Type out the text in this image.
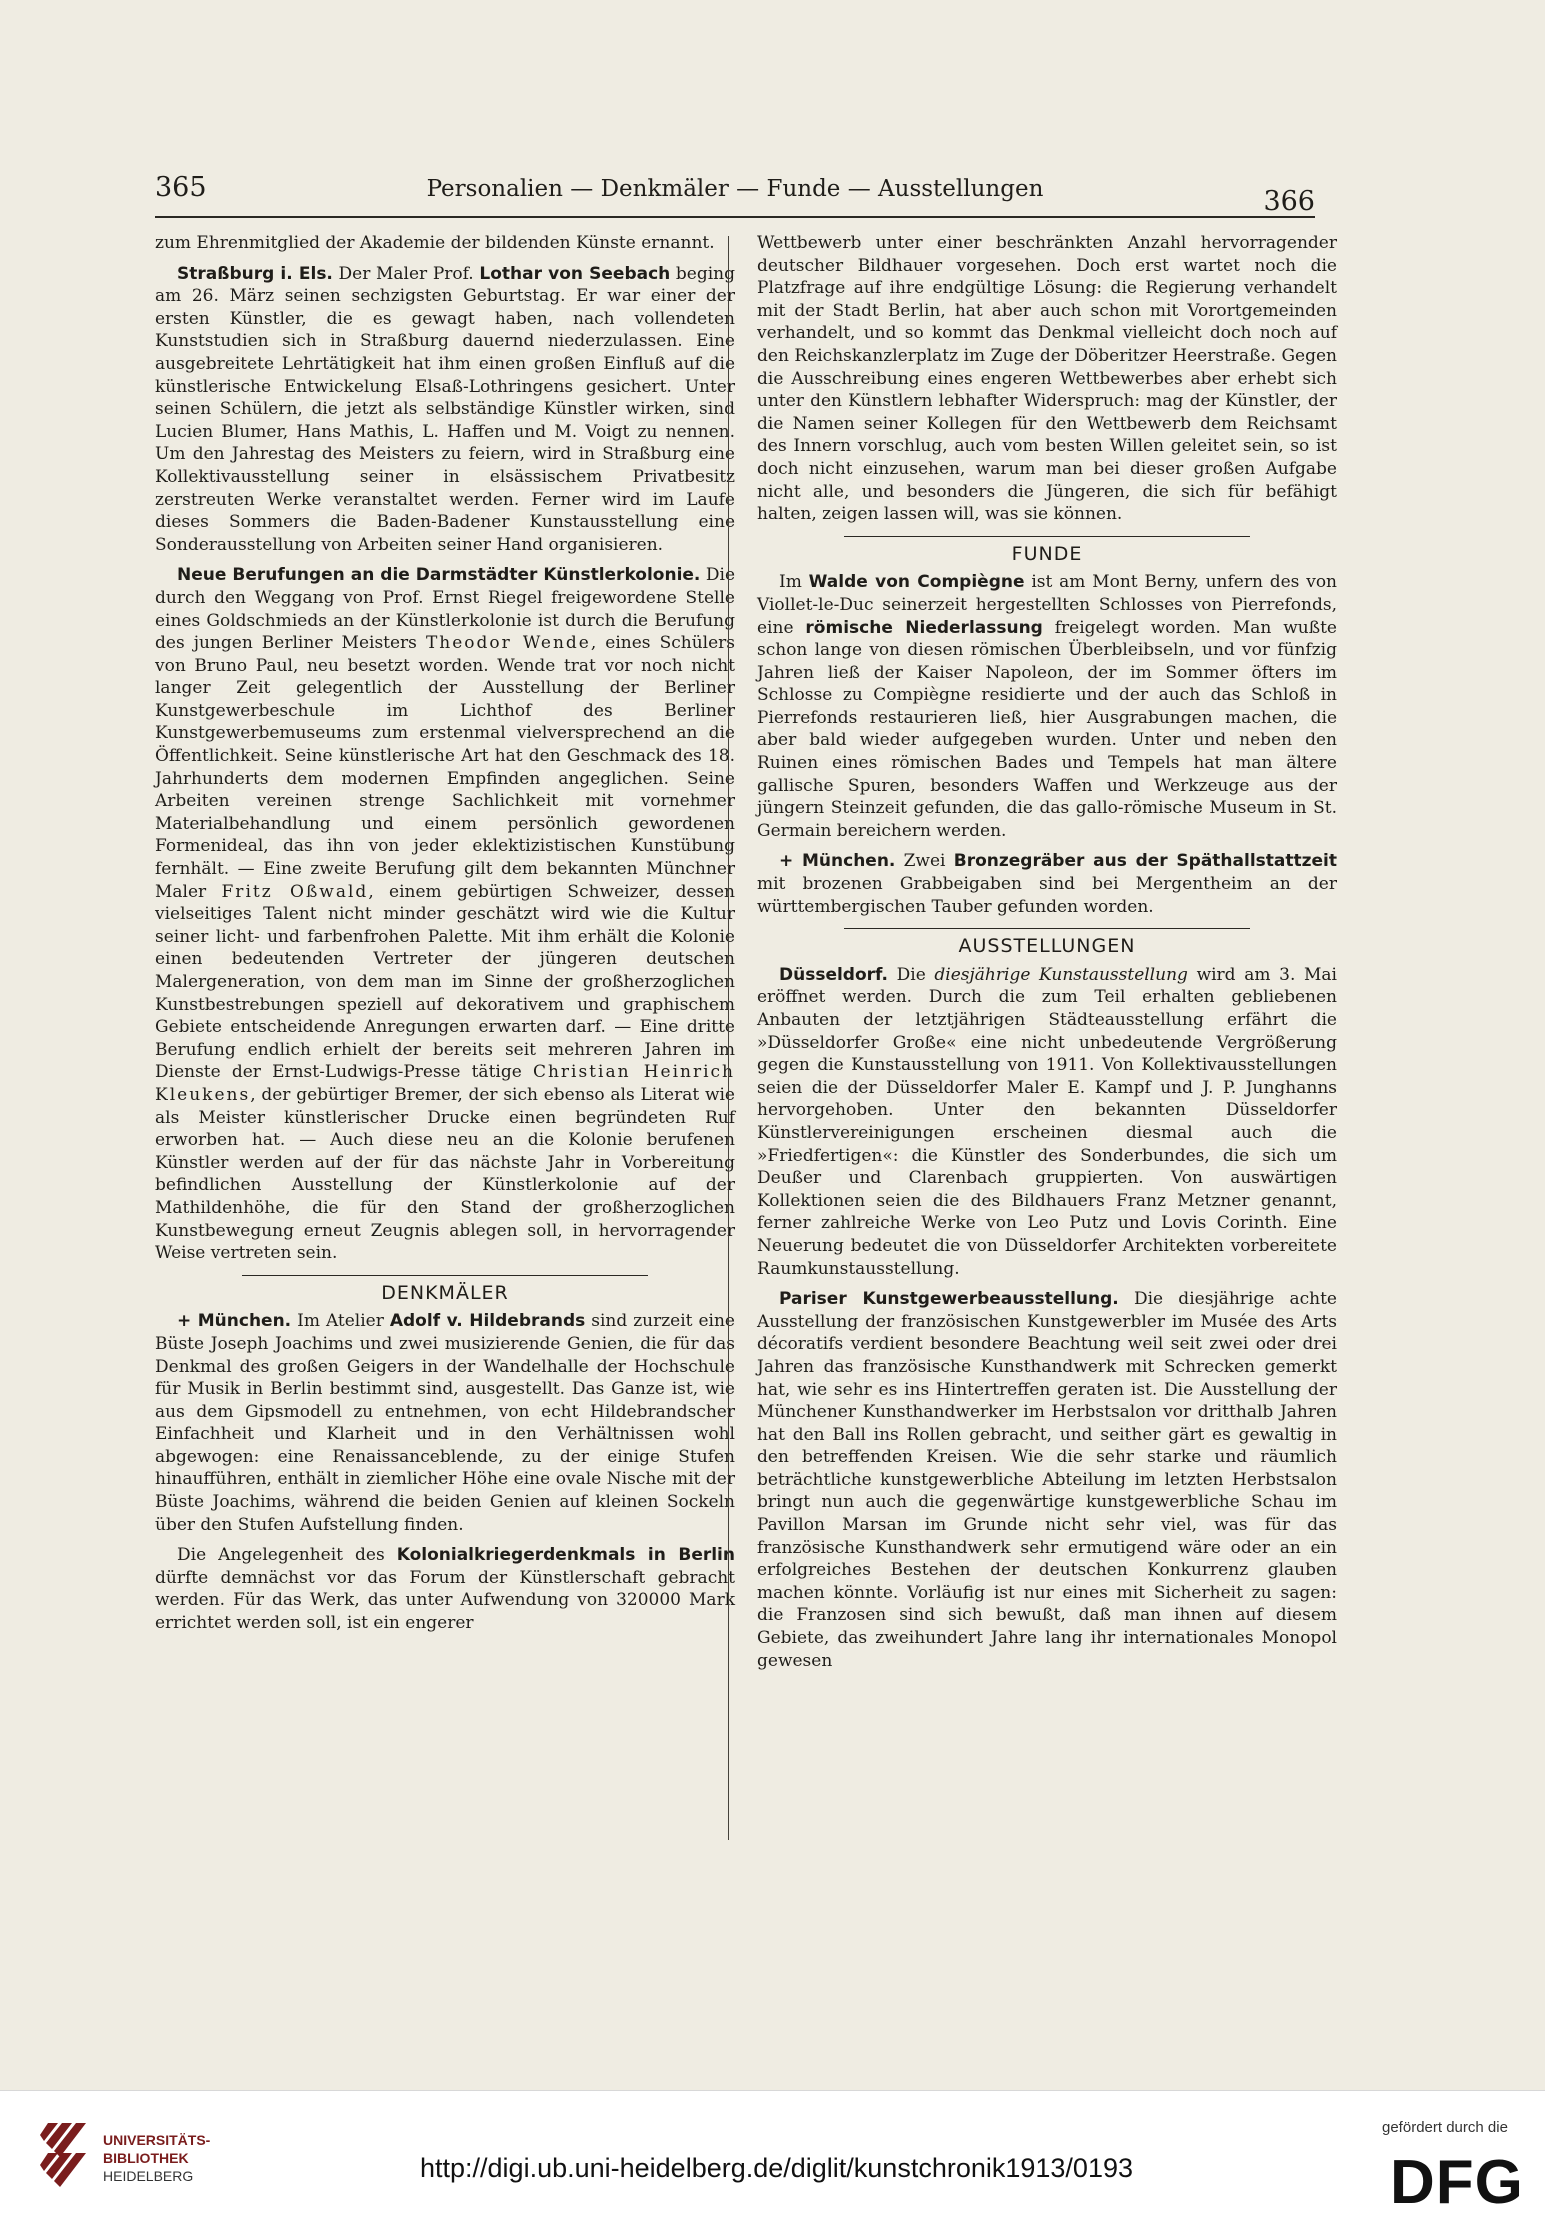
365	Personalien — Denkmäler — Funde — Ausstellungen	366

zum Ehrenmitglied der Akademie der bildenden Künste ernannt.

Straßburg i. Els. Der Maler Prof. Lothar von Seebach beging am 26. März seinen sechzigsten Geburtstag. Er war einer der ersten Künstler, die es gewagt haben, nach vollendeten Kunststudien sich in Straßburg dauernd niederzulassen. Eine ausgebreitete Lehrtätigkeit hat ihm einen großen Einfluß auf die künstlerische Entwickelung Elsaß-Lothringens gesichert. Unter seinen Schülern, die jetzt als selbständige Künstler wirken, sind Lucien Blumer, Hans Mathis, L. Haffen und M. Voigt zu nennen. Um den Jahrestag des Meisters zu feiern, wird in Straßburg eine Kollektivausstellung seiner in elsässischem Privatbesitz zerstreuten Werke veranstaltet werden. Ferner wird im Laufe dieses Sommers die Baden-Badener Kunstausstellung eine Sonderausstellung von Arbeiten seiner Hand organisieren.

Neue Berufungen an die Darmstädter Künstlerkolonie. Die durch den Weggang von Prof. Ernst Riegel freigewordene Stelle eines Goldschmieds an der Künstlerkolonie ist durch die Berufung des jungen Berliner Meisters Theodor Wende, eines Schülers von Bruno Paul, neu besetzt worden. Wende trat vor noch nicht langer Zeit gelegentlich der Ausstellung der Berliner Kunstgewerbeschule im Lichthof des Berliner Kunstgewerbemuseums zum erstenmal vielversprechend an die Öffentlichkeit. Seine künstlerische Art hat den Geschmack des 18. Jahrhunderts dem modernen Empfinden angeglichen. Seine Arbeiten vereinen strenge Sachlichkeit mit vornehmer Materialbehandlung und einem persönlich gewordenen Formenideal, das ihn von jeder eklektizistischen Kunstübung fernhält. — Eine zweite Berufung gilt dem bekannten Münchner Maler Fritz Oßwald, einem gebürtigen Schweizer, dessen vielseitiges Talent nicht minder geschätzt wird wie die Kultur seiner licht- und farbenfrohen Palette. Mit ihm erhält die Kolonie einen bedeutenden Vertreter der jüngeren deutschen Malergeneration, von dem man im Sinne der großherzoglichen Kunstbestrebungen speziell auf dekorativem und graphischem Gebiete entscheidende Anregungen erwarten darf. — Eine dritte Berufung endlich erhielt der bereits seit mehreren Jahren im Dienste der Ernst-Ludwigs-Presse tätige Christian Heinrich Kleukens, der gebürtiger Bremer, der sich ebenso als Literat wie als Meister künstlerischer Drucke einen begründeten Ruf erworben hat. — Auch diese neu an die Kolonie berufenen Künstler werden auf der für das nächste Jahr in Vorbereitung befindlichen Ausstellung der Künstlerkolonie auf der Mathildenhöhe, die für den Stand der großherzoglichen Kunstbewegung erneut Zeugnis ablegen soll, in hervorragender Weise vertreten sein.

DENKMÄLER

+ München. Im Atelier Adolf v. Hildebrands sind zurzeit eine Büste Joseph Joachims und zwei musizierende Genien, die für das Denkmal des großen Geigers in der Wandelhalle der Hochschule für Musik in Berlin bestimmt sind, ausgestellt. Das Ganze ist, wie aus dem Gipsmodell zu entnehmen, von echt Hildebrandscher Einfachheit und Klarheit und in den Verhältnissen wohl abgewogen: eine Renaissanceblende, zu der einige Stufen hinaufführen, enthält in ziemlicher Höhe eine ovale Nische mit der Büste Joachims, während die beiden Genien auf kleinen Sockeln über den Stufen Aufstellung finden.

Die Angelegenheit des Kolonialkriegerdenkmals in Berlin dürfte demnächst vor das Forum der Künstlerschaft gebracht werden. Für das Werk, das unter Aufwendung von 320000 Mark errichtet werden soll, ist ein engerer

Wettbewerb unter einer beschränkten Anzahl hervorragender deutscher Bildhauer vorgesehen. Doch erst wartet noch die Platzfrage auf ihre endgültige Lösung: die Regierung verhandelt mit der Stadt Berlin, hat aber auch schon mit Vorortgemeinden verhandelt, und so kommt das Denkmal vielleicht doch noch auf den Reichskanzlerplatz im Zuge der Döberitzer Heerstraße. Gegen die Ausschreibung eines engeren Wettbewerbes aber erhebt sich unter den Künstlern lebhafter Widerspruch: mag der Künstler, der die Namen seiner Kollegen für den Wettbewerb dem Reichsamt des Innern vorschlug, auch vom besten Willen geleitet sein, so ist doch nicht einzusehen, warum man bei dieser großen Aufgabe nicht alle, und besonders die Jüngeren, die sich für befähigt halten, zeigen lassen will, was sie können.

FUNDE

Im Walde von Compiègne ist am Mont Berny, unfern des von Viollet-le-Duc seinerzeit hergestellten Schlosses von Pierrefonds, eine römische Niederlassung freigelegt worden. Man wußte schon lange von diesen römischen Überbleibseln, und vor fünfzig Jahren ließ der Kaiser Napoleon, der im Sommer öfters im Schlosse zu Compiègne residierte und der auch das Schloß in Pierrefonds restaurieren ließ, hier Ausgrabungen machen, die aber bald wieder aufgegeben wurden. Unter und neben den Ruinen eines römischen Bades und Tempels hat man ältere gallische Spuren, besonders Waffen und Werkzeuge aus der jüngern Steinzeit gefunden, die das gallo-römische Museum in St. Germain bereichern werden.

+ München. Zwei Bronzegräber aus der Späthallstattzeit mit brozenen Grabbeigaben sind bei Mergentheim an der württembergischen Tauber gefunden worden.

AUSSTELLUNGEN

Düsseldorf. Die diesjährige Kunstausstellung wird am 3. Mai eröffnet werden. Durch die zum Teil erhalten gebliebenen Anbauten der letztjährigen Städteausstellung erfährt die »Düsseldorfer Große« eine nicht unbedeutende Vergrößerung gegen die Kunstausstellung von 1911. Von Kollektivausstellungen seien die der Düsseldorfer Maler E. Kampf und J. P. Junghanns hervorgehoben. Unter den bekannten Düsseldorfer Künstlervereinigungen erscheinen diesmal auch die »Friedfertigen«: die Künstler des Sonderbundes, die sich um Deußer und Clarenbach gruppierten. Von auswärtigen Kollektionen seien die des Bildhauers Franz Metzner genannt, ferner zahlreiche Werke von Leo Putz und Lovis Corinth. Eine Neuerung bedeutet die von Düsseldorfer Architekten vorbereitete Raumkunstausstellung.

Pariser Kunstgewerbeausstellung. Die diesjährige achte Ausstellung der französischen Kunstgewerbler im Musée des Arts décoratifs verdient besondere Beachtung weil seit zwei oder drei Jahren das französische Kunsthandwerk mit Schrecken gemerkt hat, wie sehr es ins Hintertreffen geraten ist. Die Ausstellung der Münchener Kunsthandwerker im Herbstsalon vor dritthalb Jahren hat den Ball ins Rollen gebracht, und seither gärt es gewaltig in den betreffenden Kreisen. Wie die sehr starke und räumlich beträchtliche kunstgewerbliche Abteilung im letzten Herbstsalon bringt nun auch die gegenwärtige kunstgewerbliche Schau im Pavillon Marsan im Grunde nicht sehr viel, was für das französische Kunsthandwerk sehr ermutigend wäre oder an ein erfolgreiches Bestehen der deutschen Konkurrenz glauben machen könnte. Vorläufig ist nur eines mit Sicherheit zu sagen: die Franzosen sind sich bewußt, daß man ihnen auf diesem Gebiete, das zweihundert Jahre lang ihr internationales Monopol gewesen

UNIVERSITÄTS-
BIBLIOTHEK
HEIDELBERG	http://digi.ub.uni-heidelberg.de/diglit/kunstchronik1913/0193
gefördert durch die
DFG
